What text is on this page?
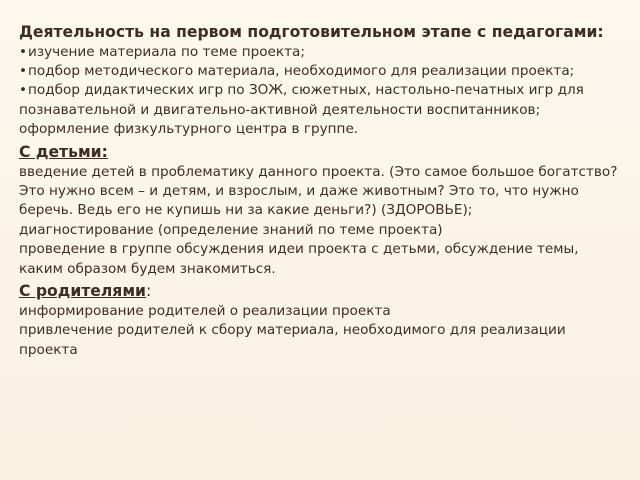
Деятельность на первом подготовительном этапе с педагогами:

• изучение материала по теме проекта;

• подбор методического материала, необходимого для реализации проекта;

• подбор дидактических игр по ЗОЖ, сюжетных, настольно-печатных игр для познавательной и двигательно-активной деятельности воспитанников;

оформление физкультурного центра в группе.

С детьми:

введение детей в проблематику данного проекта. (Это самое большое богатство? Это нужно всем – и детям, и взрослым, и даже животным? Это то, что нужно беречь. Ведь его не купишь ни за какие деньги?) (ЗДОРОВЬЕ);

диагностирование (определение знаний по теме проекта)

проведение в группе обсуждения идеи проекта с детьми, обсуждение темы, каким образом будем знакомиться.

С родителями:

информирование родителей о реализации проекта

привлечение родителей к сбору материала, необходимого для реализации проекта
